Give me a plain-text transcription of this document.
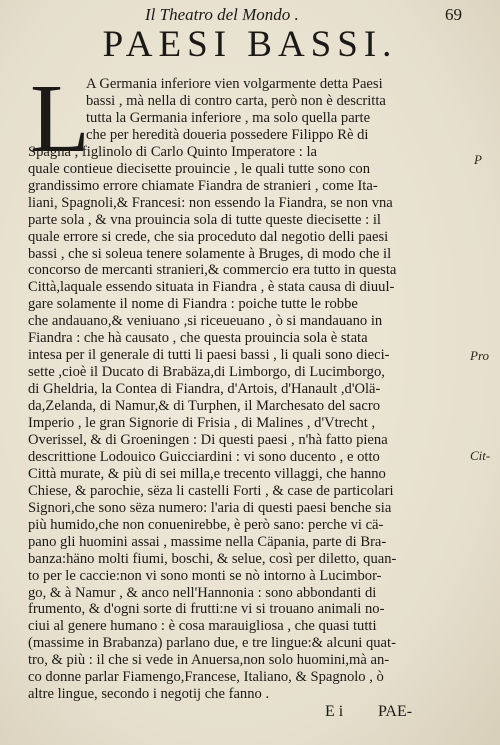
Il Theatro del Mondo .	69
PAESI BASSI.
L
A Germania inferiore vien volgarmente detta Paesi
bassi , mà nella di contro carta, però non è descritta
tutta la Germania inferiore , ma solo quella parte
che per heredità doueria possedere Filippo Rè di
Spagna , figlinolo di Carlo Quinto Imperatore : la
quale contieue diecisette prouincie , le quali tutte sono con
grandissimo errore chiamate Fiandra de stranieri , come Ita-
liani, Spagnoli,& Francesi: non essendo la Fiandra, se non vna
parte sola , & vna prouincia sola di tutte queste diecisette : il
quale errore si crede, che sia proceduto dal negotio delli paesi
bassi , che si soleua tenere solamente à Bruges, di modo che il
concorso de mercanti stranieri,& commercio era tutto in questa
Città,laquale essendo situata in Fiandra , è stata causa di diuul-
gare solamente il nome di Fiandra : poiche tutte le robbe
che andauano,& veniuano ,si riceueuano , ò si mandauano in
Fiandra : che hà causato , che questa prouincia sola è stata
intesa per il generale di tutti li paesi bassi , li quali sono dieci-
sette ,cioè il Ducato di Brabäza,di Limborgo, di Lucimborgo,
di Gheldria, la Contea di Fiandra, d'Artois, d'Hanault ,d'Olä-
da,Zelanda, di Namur,& di Turphen, il Marchesato del sacro
Imperio , le gran Signorie di Frisia , di Malines , d'Vtrecht ,
Overissel, & di Groeningen : Di questi paesi , n'hà fatto piena
descrittione Lodouico Guicciardini : vi sono ducento , e otto
Città murate, & più di sei milla,e trecento villaggi, che hanno
Chiese, & parochie, sëza li castelli Forti , & case de particolari
Signori,che sono sëza numero: l'aria di questi paesi benche sia
più humido,che non conuenirebbe, è però sano: perche vi cä-
pano gli huomini assai , massime nella Cäpania, parte di Bra-
banza:häno molti fiumi, boschi, & selue, così per diletto, quan-
to per le caccie:non vi sono monti se nò intorno à Lucimbor-
go, & à Namur , & anco nell'Hannonia : sono abbondanti di
frumento, & d'ogni sorte di frutti:ne vi si trouano animali no-
ciui al genere humano : è cosa marauigliosa , che quasi tutti
(massime in Brabanza) parlano due, e tre lingue:& alcuni quat-
tro, & più : il che si vede in Anuersa,non solo huomini,mà an-
co donne parlar Fiamengo,Francese, Italiano, & Spagnolo , ò
altre lingue, secondo i negotij che fanno .
P
Pro
Cit-
E i PAE-
